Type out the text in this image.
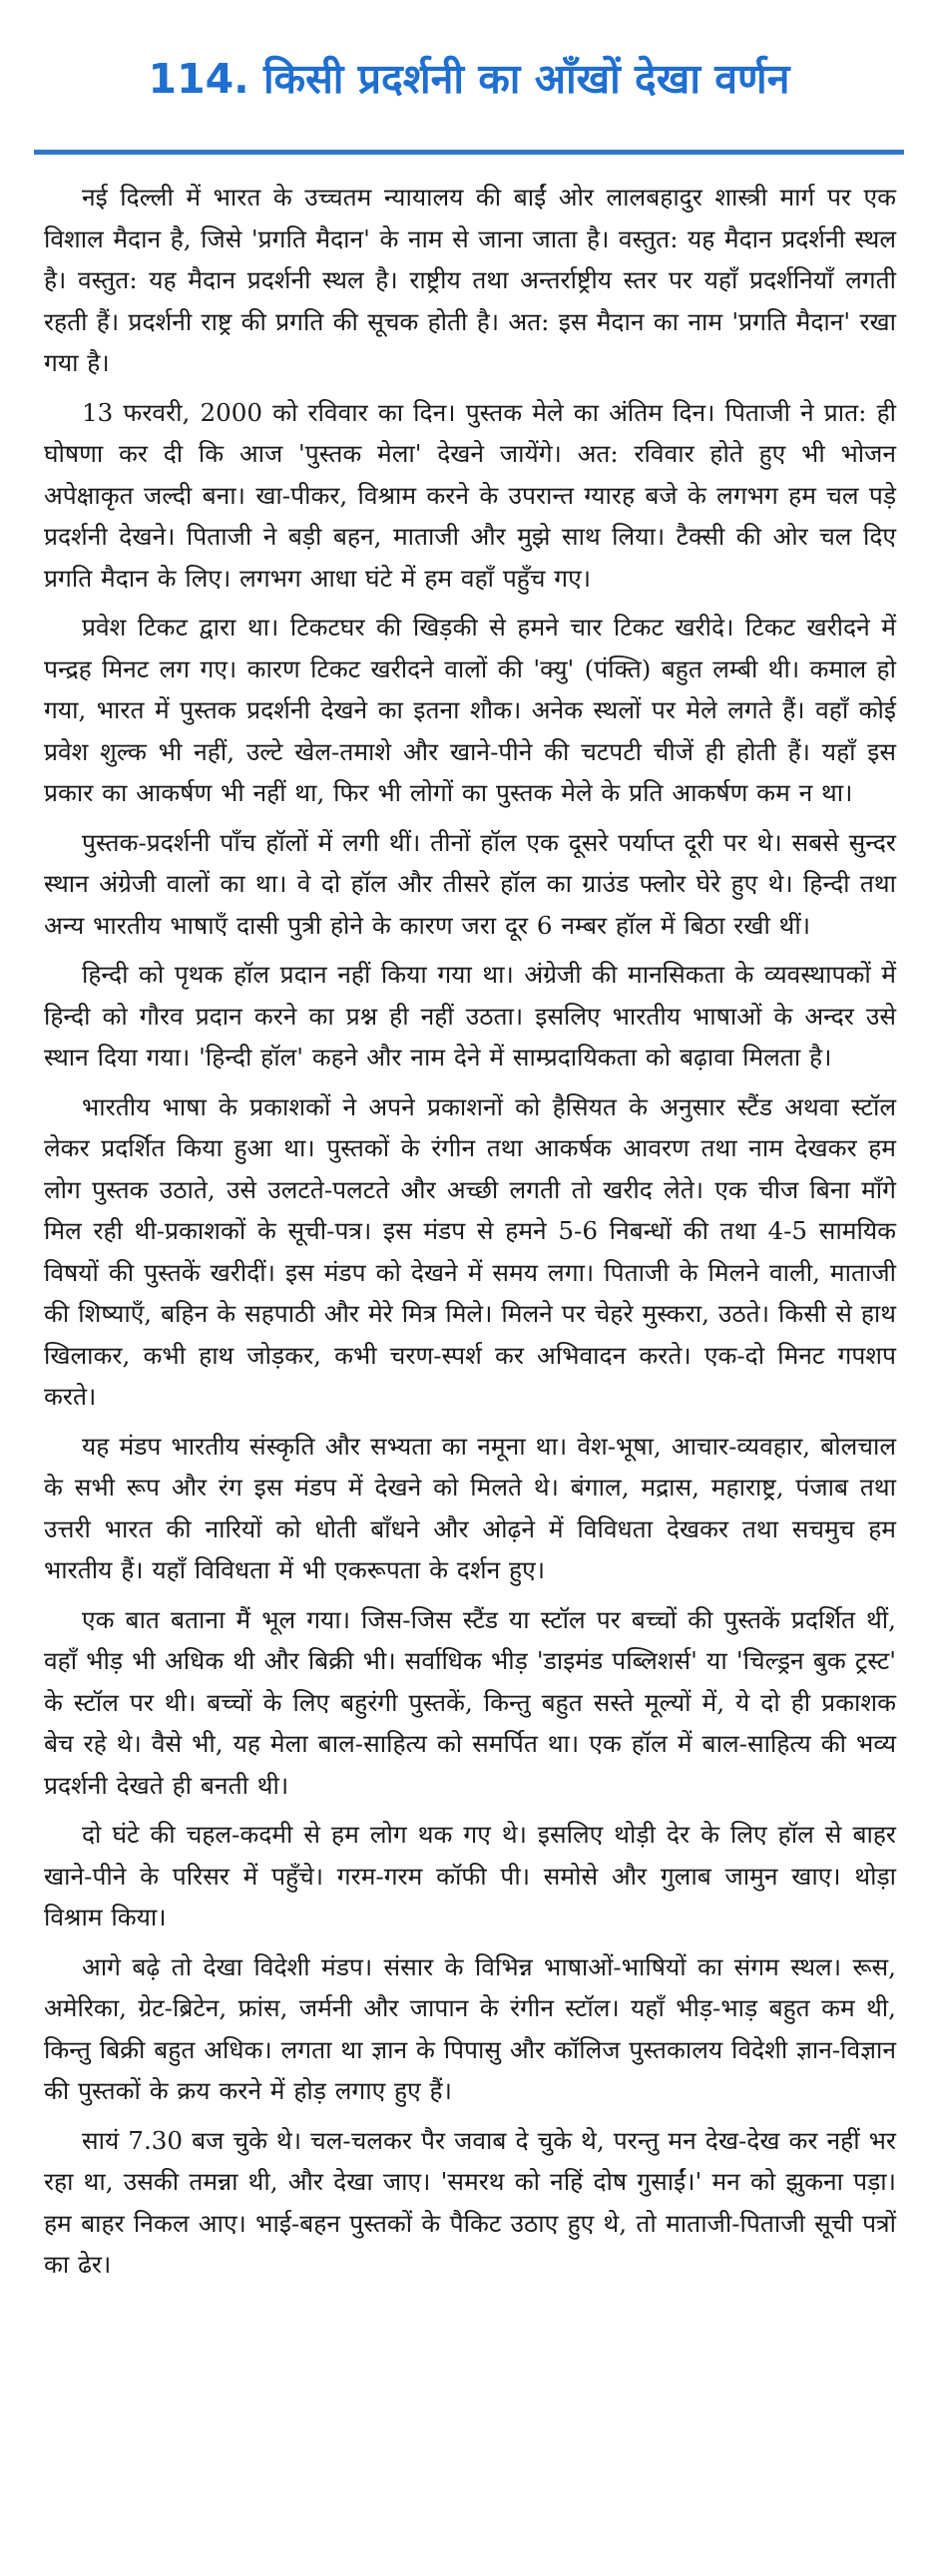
114. किसी प्रदर्शनी का आँखों देखा वर्णन

नई दिल्ली में भारत के उच्चतम न्यायालय की बाईं ओर लालबहादुर शास्त्री मार्ग पर एक विशाल मैदान है, जिसे 'प्रगति मैदान' के नाम से जाना जाता है। वस्तुत: यह मैदान प्रदर्शनी स्थल है। वस्तुत: यह मैदान प्रदर्शनी स्थल है। राष्ट्रीय तथा अन्तर्राष्ट्रीय स्तर पर यहाँ प्रदर्शनियाँ लगती रहती हैं। प्रदर्शनी राष्ट्र की प्रगति की सूचक होती है। अत: इस मैदान का नाम 'प्रगति मैदान' रखा गया है।

13 फरवरी, 2000 को रविवार का दिन। पुस्तक मेले का अंतिम दिन। पिताजी ने प्रात: ही घोषणा कर दी कि आज 'पुस्तक मेला' देखने जायेंगे। अत: रविवार होते हुए भी भोजन अपेक्षाकृत जल्दी बना। खा-पीकर, विश्राम करने के उपरान्त ग्यारह बजे के लगभग हम चल पड़े प्रदर्शनी देखने। पिताजी ने बड़ी बहन, माताजी और मुझे साथ लिया। टैक्सी की ओर चल दिए प्रगति मैदान के लिए। लगभग आधा घंटे में हम वहाँ पहुँच गए।

प्रवेश टिकट द्वारा था। टिकटघर की खिड़की से हमने चार टिकट खरीदे। टिकट खरीदने में पन्द्रह मिनट लग गए। कारण टिकट खरीदने वालों की 'क्यु' (पंक्ति) बहुत लम्बी थी। कमाल हो गया, भारत में पुस्तक प्रदर्शनी देखने का इतना शौक। अनेक स्थलों पर मेले लगते हैं। वहाँ कोई प्रवेश शुल्क भी नहीं, उल्टे खेल-तमाशे और खाने-पीने की चटपटी चीजें ही होती हैं। यहाँ इस प्रकार का आकर्षण भी नहीं था, फिर भी लोगों का पुस्तक मेले के प्रति आकर्षण कम न था।

पुस्तक-प्रदर्शनी पाँच हॉलों में लगी थीं। तीनों हॉल एक दूसरे पर्याप्त दूरी पर थे। सबसे सुन्दर स्थान अंग्रेजी वालों का था। वे दो हॉल और तीसरे हॉल का ग्राउंड फ्लोर घेरे हुए थे। हिन्दी तथा अन्य भारतीय भाषाएँ दासी पुत्री होने के कारण जरा दूर 6 नम्बर हॉल में बिठा रखी थीं।

हिन्दी को पृथक हॉल प्रदान नहीं किया गया था। अंग्रेजी की मानसिकता के व्यवस्थापकों में हिन्दी को गौरव प्रदान करने का प्रश्न ही नहीं उठता। इसलिए भारतीय भाषाओं के अन्दर उसे स्थान दिया गया। 'हिन्दी हॉल' कहने और नाम देने में साम्प्रदायिकता को बढ़ावा मिलता है।

भारतीय भाषा के प्रकाशकों ने अपने प्रकाशनों को हैसियत के अनुसार स्टैंड अथवा स्टॉल लेकर प्रदर्शित किया हुआ था। पुस्तकों के रंगीन तथा आकर्षक आवरण तथा नाम देखकर हम लोग पुस्तक उठाते, उसे उलटते-पलटते और अच्छी लगती तो खरीद लेते। एक चीज बिना माँगे मिल रही थी-प्रकाशकों के सूची-पत्र। इस मंडप से हमने 5-6 निबन्धों की तथा 4-5 सामयिक विषयों की पुस्तकें खरीदीं। इस मंडप को देखने में समय लगा। पिताजी के मिलने वाली, माताजी की शिष्याएँ, बहिन के सहपाठी और मेरे मित्र मिले। मिलने पर चेहरे मुस्करा, उठते। किसी से हाथ खिलाकर, कभी हाथ जोड़कर, कभी चरण-स्पर्श कर अभिवादन करते। एक-दो मिनट गपशप करते।

यह मंडप भारतीय संस्कृति और सभ्यता का नमूना था। वेश-भूषा, आचार-व्यवहार, बोलचाल के सभी रूप और रंग इस मंडप में देखने को मिलते थे। बंगाल, मद्रास, महाराष्ट्र, पंजाब तथा उत्तरी भारत की नारियों को धोती बाँधने और ओढ़ने में विविधता देखकर तथा सचमुच हम भारतीय हैं। यहाँ विविधता में भी एकरूपता के दर्शन हुए।

एक बात बताना मैं भूल गया। जिस-जिस स्टैंड या स्टॉल पर बच्चों की पुस्तकें प्रदर्शित थीं, वहाँ भीड़ भी अधिक थी और बिक्री भी। सर्वाधिक भीड़ 'डाइमंड पब्लिशर्स' या 'चिल्ड्रन बुक ट्रस्ट' के स्टॉल पर थी। बच्चों के लिए बहुरंगी पुस्तकें, किन्तु बहुत सस्ते मूल्यों में, ये दो ही प्रकाशक बेच रहे थे। वैसे भी, यह मेला बाल-साहित्य को समर्पित था। एक हॉल में बाल-साहित्य की भव्य प्रदर्शनी देखते ही बनती थी।

दो घंटे की चहल-कदमी से हम लोग थक गए थे। इसलिए थोड़ी देर के लिए हॉल से बाहर खाने-पीने के परिसर में पहुँचे। गरम-गरम कॉफी पी। समोसे और गुलाब जामुन खाए। थोड़ा विश्राम किया।

आगे बढ़े तो देखा विदेशी मंडप। संसार के विभिन्न भाषाओं-भाषियों का संगम स्थल। रूस, अमेरिका, ग्रेट-ब्रिटेन, फ्रांस, जर्मनी और जापान के रंगीन स्टॉल। यहाँ भीड़-भाड़ बहुत कम थी, किन्तु बिक्री बहुत अधिक। लगता था ज्ञान के पिपासु और कॉलिज पुस्तकालय विदेशी ज्ञान-विज्ञान की पुस्तकों के क्रय करने में होड़ लगाए हुए हैं।

सायं 7.30 बज चुके थे। चल-चलकर पैर जवाब दे चुके थे, परन्तु मन देख-देख कर नहीं भर रहा था, उसकी तमन्ना थी, और देखा जाए। 'समरथ को नहिं दोष गुसाईं।' मन को झुकना पड़ा। हम बाहर निकल आए। भाई-बहन पुस्तकों के पैकिट उठाए हुए थे, तो माताजी-पिताजी सूची पत्रों का ढेर।
